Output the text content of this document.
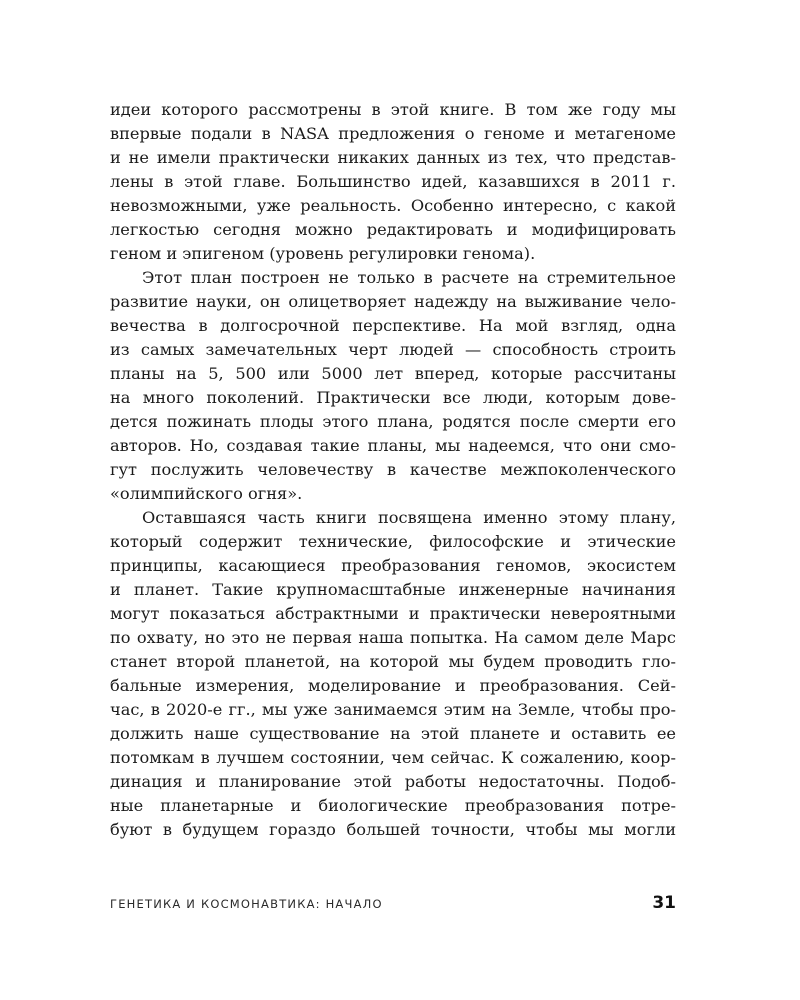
идеи которого рассмотрены в этой книге. В том же году мы
впервые подали в NASA предложения о геноме и метагеноме
и не имели практически никаких данных из тех, что представ-
лены в этой главе. Большинство идей, казавшихся в 2011 г.
невозможными, уже реальность. Особенно интересно, с какой
легкостью сегодня можно редактировать и модифицировать
геном и эпигеном (уровень регулировки генома).
Этот план построен не только в расчете на стремительное
развитие науки, он олицетворяет надежду на выживание чело-
вечества в долгосрочной перспективе. На мой взгляд, одна
из самых замечательных черт людей — способность строить
планы на 5, 500 или 5000 лет вперед, которые рассчитаны
на много поколений. Практически все люди, которым дове-
дется пожинать плоды этого плана, родятся после смерти его
авторов. Но, создавая такие планы, мы надеемся, что они смо-
гут послужить человечеству в качестве межпоколенческого
«олимпийского огня».
Оставшаяся часть книги посвящена именно этому плану,
который содержит технические, философские и этические
принципы, касающиеся преобразования геномов, экосистем
и планет. Такие крупномасштабные инженерные начинания
могут показаться абстрактными и практически невероятными
по охвату, но это не первая наша попытка. На самом деле Марс
станет второй планетой, на которой мы будем проводить гло-
бальные измерения, моделирование и преобразования. Сей-
час, в 2020-е гг., мы уже занимаемся этим на Земле, чтобы про-
должить наше существование на этой планете и оставить ее
потомкам в лучшем состоянии, чем сейчас. К сожалению, коор-
динация и планирование этой работы недостаточны. Подоб-
ные планетарные и биологические преобразования потре-
буют в будущем гораздо большей точности, чтобы мы могли
ГЕНЕТИКА И КОСМОНАВТИКА: НАЧАЛО	31
